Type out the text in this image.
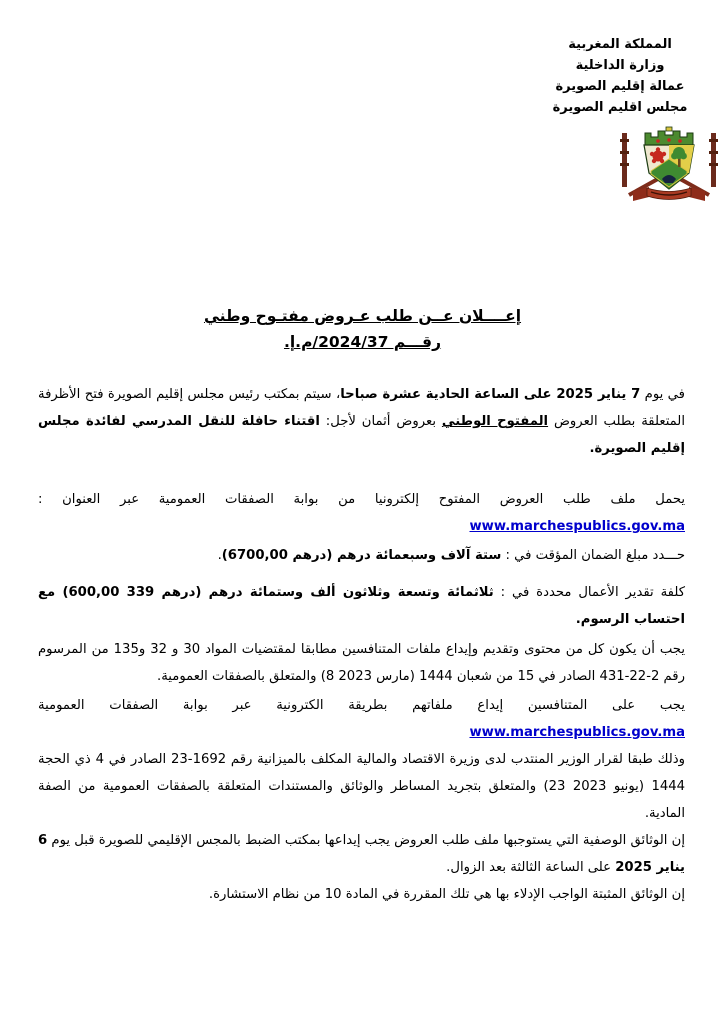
المملكة المغربية
وزارة الداخلية
عمالة إقليم الصويرة
مجلس اقليم الصويرة
إعــــلان عــن طلب عـروض مفتـوح وطني
رقـــم 2024/37/م.إ.

في يوم 7 يناير 2025 على الساعة الحادية عشرة صباحا، سيتم بمكتب رئيس مجلس إقليم الصويرة فتح الأظرفة المتعلقة بطلب العروض المفتوح الوطني بعروض أثمان لأجل: اقتناء حافلة للنقل المدرسي لفائدة مجلس إقليم الصويرة.

يحمل ملف طلب العروض المفتوح إلكترونيا من بوابة الصفقات العمومية عبر العنوان : www.marchespublics.gov.ma

حـــدد مبلغ الضمان المؤقت في : ستة آلاف وسبعمائة درهم (6700,00 درهم).

كلفة تقدير الأعمال محددة في : ثلاثمائة وتسعة وثلاثون ألف وستمائة درهم (600,00 339 درهم) مع احتساب الرسوم.

يجب أن يكون كل من محتوى وتقديم وإيداع ملفات المتنافسين مطابقا لمقتضيات المواد 30 و 32 و135 من المرسوم رقم 2-22-431 الصادر في 15 من شعبان 1444 (8 مارس 2023) والمتعلق بالصفقات العمومية.

يجب على المتنافسين إيداع ملفاتهم بطريقة الكترونية عبر بوابة الصفقات العمومية www.marchespublics.gov.ma
وذلك طبقا لقرار الوزير المنتدب لدى وزيرة الاقتصاد والمالية المكلف بالميزانية رقم 1692-23 الصادر في 4 ذي الحجة 1444 (23 يونيو 2023) والمتعلق بتجريد المساطر والوثائق والمستندات المتعلقة بالصفقات العمومية من الصفة المادية.

إن الوثائق الوصفية التي يستوجبها ملف طلب العروض يجب إيداعها بمكتب الضبط بالمجس الإقليمي للصويرة قبل يوم 6 يناير 2025 على الساعة الثالثة بعد الزوال.

إن الوثائق المثبتة الواجب الإدلاء بها هي تلك المقررة في المادة 10 من نظام الاستشارة.
